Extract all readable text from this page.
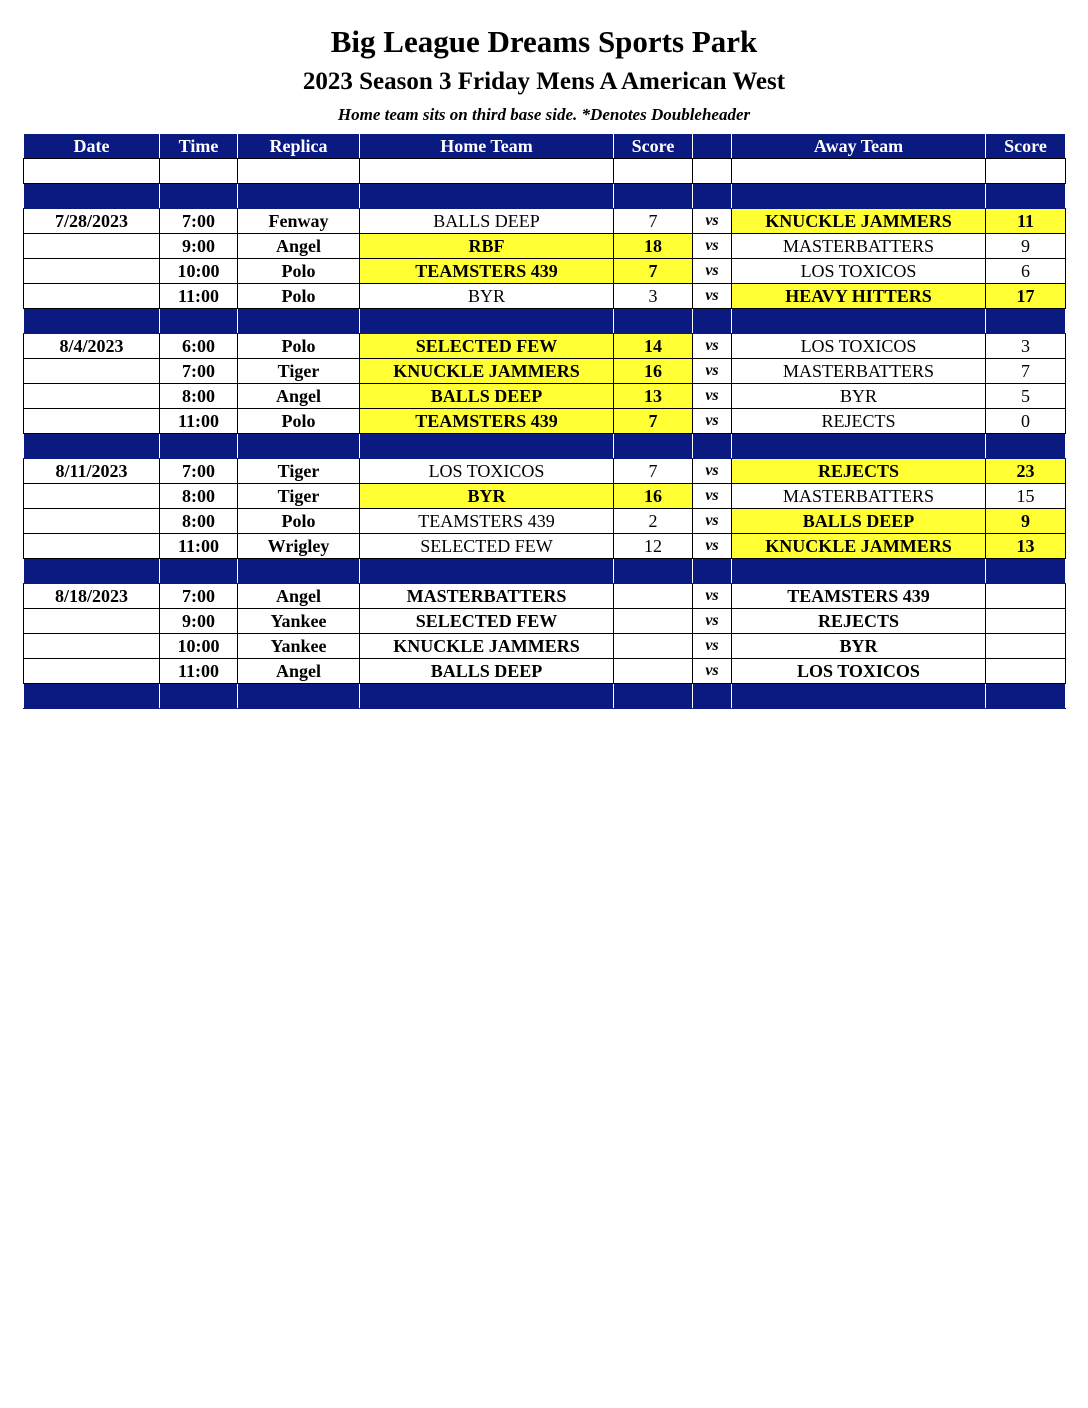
Big League Dreams Sports Park
2023 Season 3 Friday Mens A American West
Home team sits on third base side. *Denotes Doubleheader
Date	Time	Replica	Home Team	Score		Away Team	Score

7/28/2023	7:00	Fenway	BALLS DEEP	7	vs	KNUCKLE JAMMERS	11
	9:00	Angel	RBF	18	vs	MASTERBATTERS	9
	10:00	Polo	TEAMSTERS 439	7	vs	LOS TOXICOS	6
	11:00	Polo	BYR	3	vs	HEAVY HITTERS	17

8/4/2023	6:00	Polo	SELECTED FEW	14	vs	LOS TOXICOS	3
	7:00	Tiger	KNUCKLE JAMMERS	16	vs	MASTERBATTERS	7
	8:00	Angel	BALLS DEEP	13	vs	BYR	5
	11:00	Polo	TEAMSTERS 439	7	vs	REJECTS	0

8/11/2023	7:00	Tiger	LOS TOXICOS	7	vs	REJECTS	23
	8:00	Tiger	BYR	16	vs	MASTERBATTERS	15
	8:00	Polo	TEAMSTERS 439	2	vs	BALLS DEEP	9
	11:00	Wrigley	SELECTED FEW	12	vs	KNUCKLE JAMMERS	13

8/18/2023	7:00	Angel	MASTERBATTERS		vs	TEAMSTERS 439	
	9:00	Yankee	SELECTED FEW		vs	REJECTS	
	10:00	Yankee	KNUCKLE JAMMERS		vs	BYR	
	11:00	Angel	BALLS DEEP		vs	LOS TOXICOS	
